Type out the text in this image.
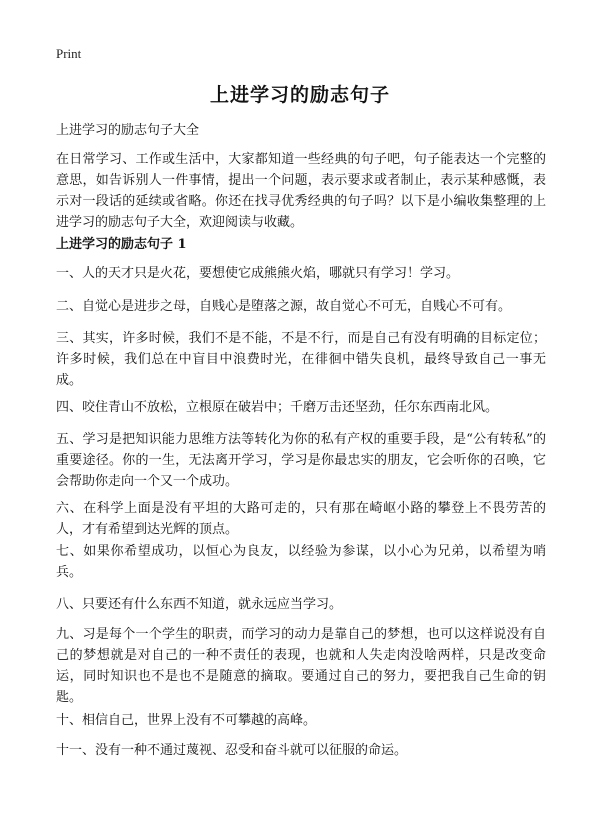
Print
上进学习的励志句子
上进学习的励志句子大全
在日常学习、工作或生活中，大家都知道一些经典的句子吧，句子能表达一个完整的意思，如告诉别人一件事情，提出一个问题，表示要求或者制止，表示某种感慨，表示对一段话的延续或省略。你还在找寻优秀经典的句子吗？以下是小编收集整理的上进学习的励志句子大全，欢迎阅读与收藏。
上进学习的励志句子 1
一、人的天才只是火花，要想使它成熊熊火焰，哪就只有学习！学习。
二、自觉心是进步之母，自贱心是堕落之源，故自觉心不可无，自贱心不可有。
三、其实，许多时候，我们不是不能，不是不行，而是自己有没有明确的目标定位；许多时候，我们总在中盲目中浪费时光，在徘徊中错失良机，最终导致自己一事无成。
四、咬住青山不放松，立根原在破岩中；千磨万击还坚劲，任尔东西南北风。
五、学习是把知识能力思维方法等转化为你的私有产权的重要手段，是“公有转私”的重要途径。你的一生，无法离开学习，学习是你最忠实的朋友，它会听你的召唤，它会帮助你走向一个又一个成功。
六、在科学上面是没有平坦的大路可走的，只有那在崎岖小路的攀登上不畏劳苦的人，才有希望到达光辉的顶点。
七、如果你希望成功，以恒心为良友，以经验为参谋，以小心为兄弟，以希望为哨兵。
八、只要还有什么东西不知道，就永远应当学习。
九、习是每个一个学生的职责，而学习的动力是靠自己的梦想，也可以这样说没有自己的梦想就是对自己的一种不责任的表现，也就和人失走肉没啥两样，只是改变命运，同时知识也不是也不是随意的摘取。要通过自己的努力，要把我自己生命的钥匙。
十、相信自己，世界上没有不可攀越的高峰。
十一、没有一种不通过蔑视、忍受和奋斗就可以征服的命运。
